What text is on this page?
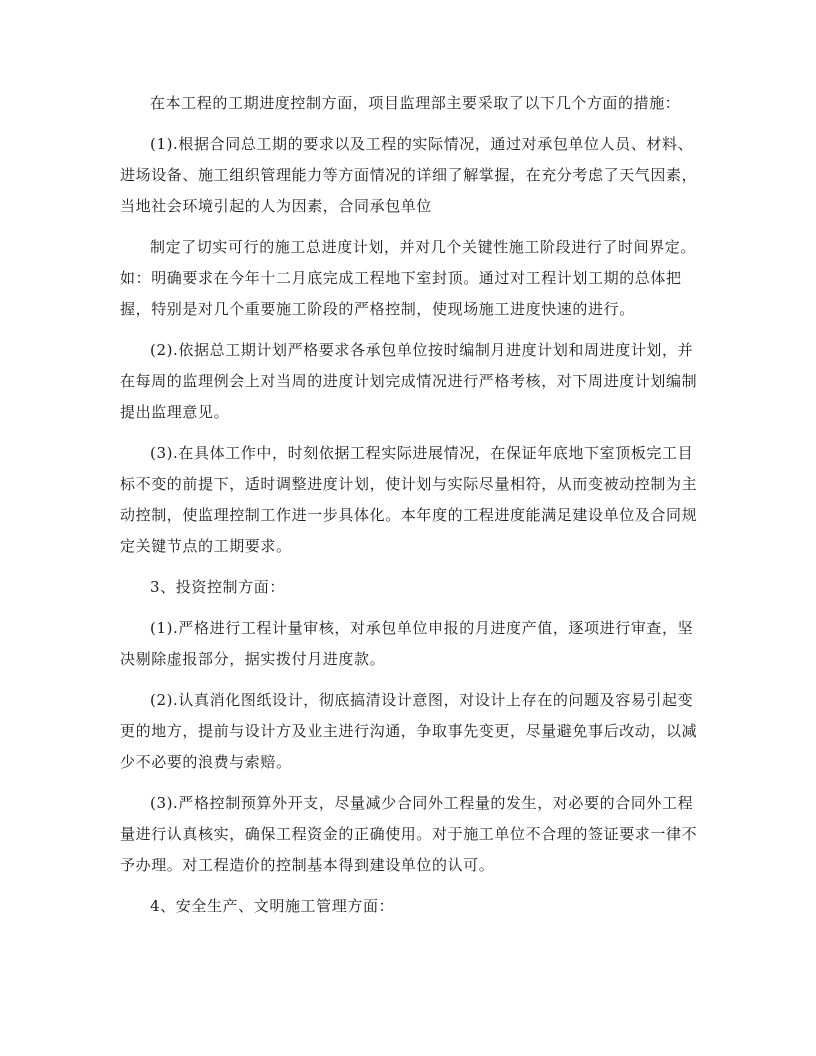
在本工程的工期进度控制方面，项目监理部主要采取了以下几个方面的措施：

(1).根据合同总工期的要求以及工程的实际情况，通过对承包单位人员、材料、进场设备、施工组织管理能力等方面情况的详细了解掌握，在充分考虑了天气因素，当地社会环境引起的人为因素，合同承包单位

制定了切实可行的施工总进度计划，并对几个关键性施工阶段进行了时间界定。如：明确要求在今年十二月底完成工程地下室封顶。通过对工程计划工期的总体把握，特别是对几个重要施工阶段的严格控制，使现场施工进度快速的进行。

(2).依据总工期计划严格要求各承包单位按时编制月进度计划和周进度计划，并在每周的监理例会上对当周的进度计划完成情况进行严格考核，对下周进度计划编制提出监理意见。

(3).在具体工作中，时刻依据工程实际进展情况，在保证年底地下室顶板完工目标不变的前提下，适时调整进度计划，使计划与实际尽量相符，从而变被动控制为主动控制，使监理控制工作进一步具体化。本年度的工程进度能满足建设单位及合同规定关键节点的工期要求。

3、投资控制方面：

(1).严格进行工程计量审核，对承包单位申报的月进度产值，逐项进行审查，坚决剔除虚报部分，据实拨付月进度款。

(2).认真消化图纸设计，彻底搞清设计意图，对设计上存在的问题及容易引起变更的地方，提前与设计方及业主进行沟通，争取事先变更，尽量避免事后改动，以减少不必要的浪费与索赔。

(3).严格控制预算外开支，尽量减少合同外工程量的发生，对必要的合同外工程量进行认真核实，确保工程资金的正确使用。对于施工单位不合理的签证要求一律不予办理。对工程造价的控制基本得到建设单位的认可。

4、安全生产、文明施工管理方面：
